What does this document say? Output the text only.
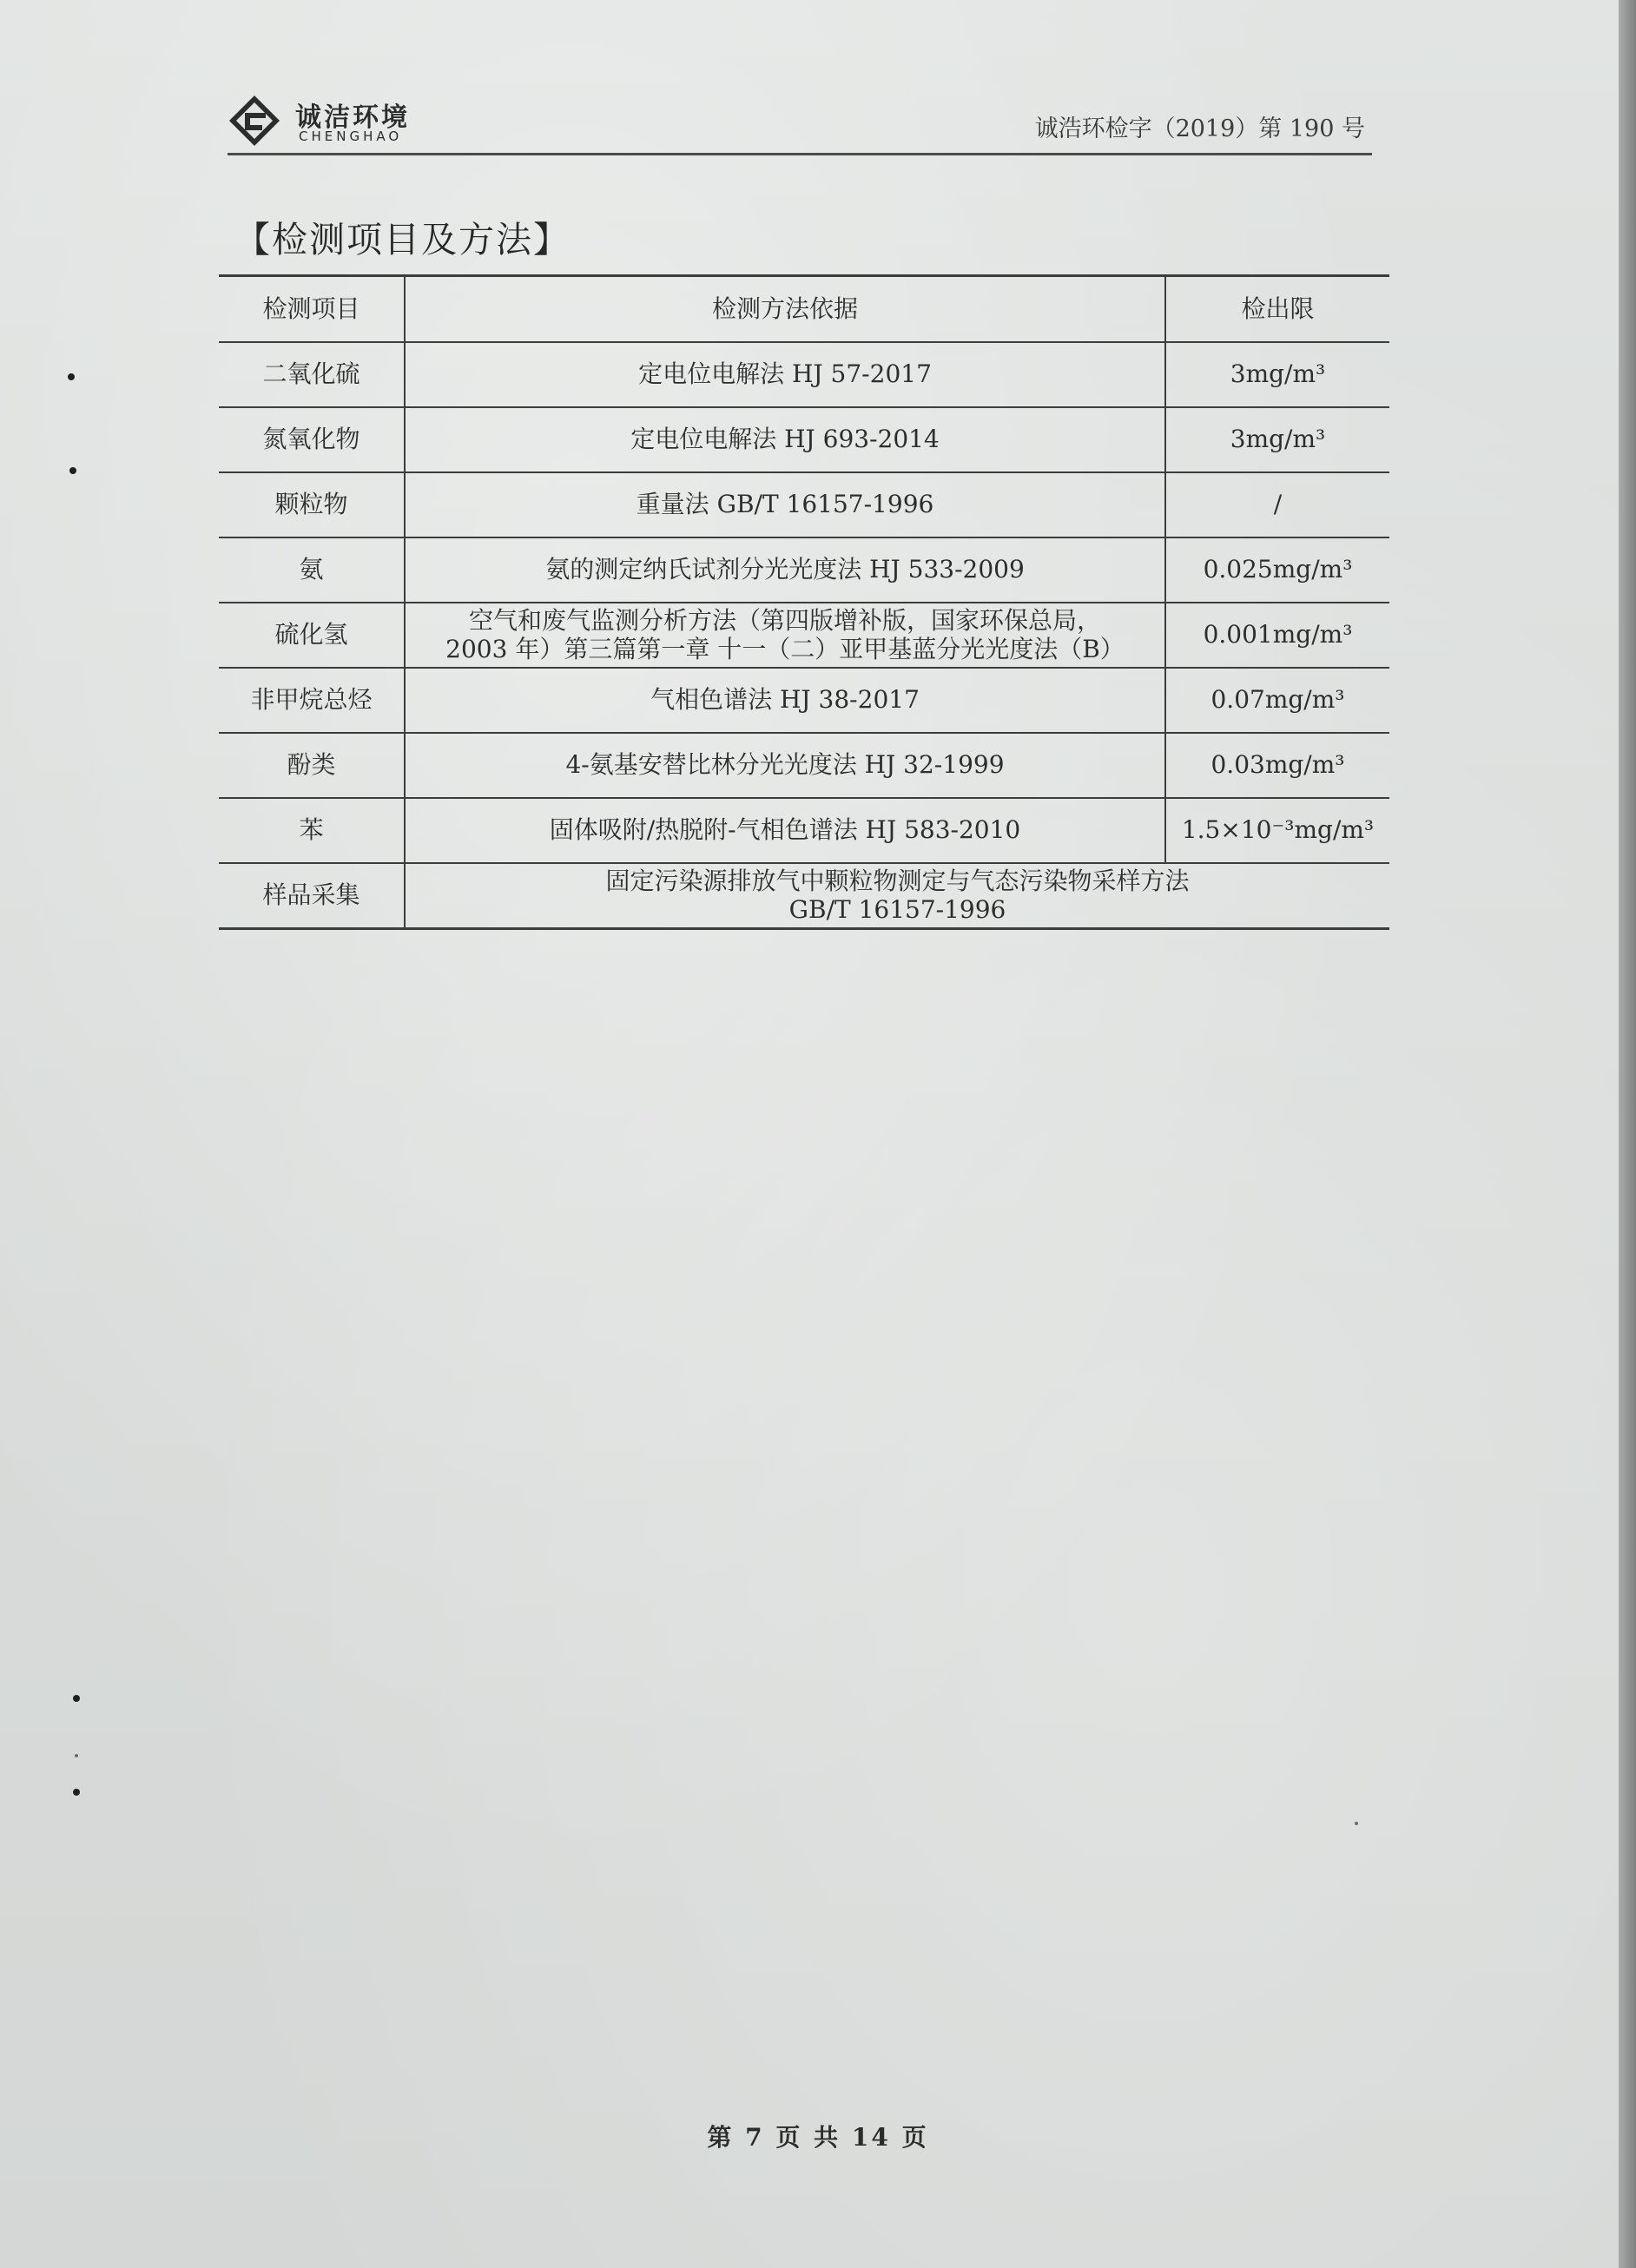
诚洁环境
CHENGHAO	诚浩环检字（2019）第 190 号
【检测项目及方法】
检测项目	检测方法依据	检出限
二氧化硫	定电位电解法 HJ 57-2017	3mg/m³
氮氧化物	定电位电解法 HJ 693-2014	3mg/m³
颗粒物	重量法 GB/T 16157-1996	/
氨	氨的测定纳氏试剂分光光度法 HJ 533-2009	0.025mg/m³
硫化氢	空气和废气监测分析方法（第四版增补版，国家环保总局，
2003 年）第三篇第一章 十一（二）亚甲基蓝分光光度法（B）	0.001mg/m³
非甲烷总烃	气相色谱法 HJ 38-2017	0.07mg/m³
酚类	4-氨基安替比林分光光度法 HJ 32-1999	0.03mg/m³
苯	固体吸附/热脱附-气相色谱法 HJ 583-2010	1.5×10⁻³mg/m³
样品采集	固定污染源排放气中颗粒物测定与气态污染物采样方法
GB/T 16157-1996	
第 7 页 共 14 页
